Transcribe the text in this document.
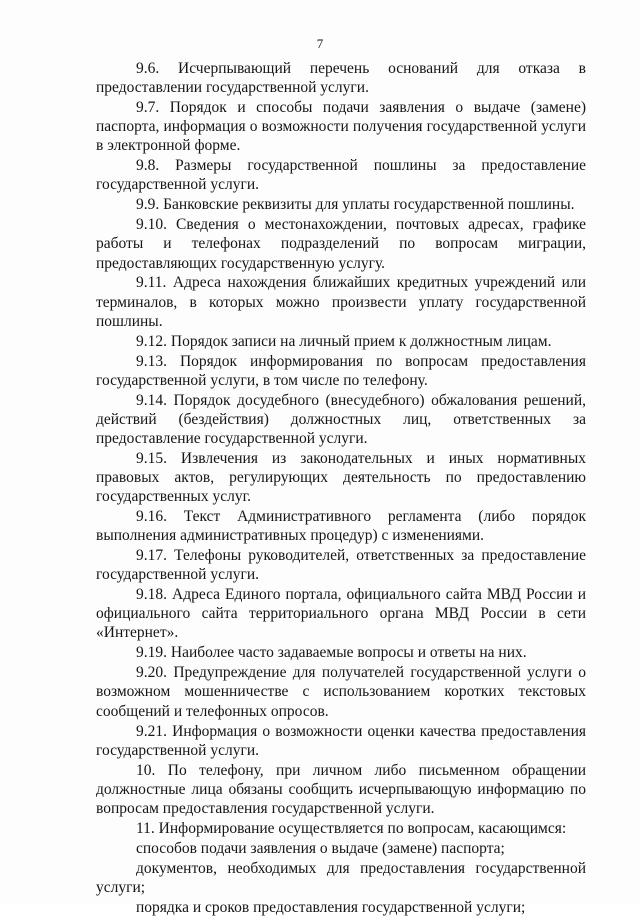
7

9.6. Исчерпывающий перечень оснований для отказа в предоставлении государственной услуги.

9.7. Порядок и способы подачи заявления о выдаче (замене) паспорта, информация о возможности получения государственной услуги в электронной форме.

9.8. Размеры государственной пошлины за предоставление государственной услуги.

9.9. Банковские реквизиты для уплаты государственной пошлины.

9.10. Сведения о местонахождении, почтовых адресах, графике работы и телефонах подразделений по вопросам миграции, предоставляющих государственную услугу.

9.11. Адреса нахождения ближайших кредитных учреждений или терминалов, в которых можно произвести уплату государственной пошлины.

9.12. Порядок записи на личный прием к должностным лицам.

9.13. Порядок информирования по вопросам предоставления государственной услуги, в том числе по телефону.

9.14. Порядок досудебного (внесудебного) обжалования решений, действий (бездействия) должностных лиц, ответственных за предоставление государственной услуги.

9.15. Извлечения из законодательных и иных нормативных правовых актов, регулирующих деятельность по предоставлению государственных услуг.

9.16. Текст Административного регламента (либо порядок выполнения административных процедур) с изменениями.

9.17. Телефоны руководителей, ответственных за предоставление государственной услуги.

9.18. Адреса Единого портала, официального сайта МВД России и официального сайта территориального органа МВД России в сети «Интернет».

9.19. Наиболее часто задаваемые вопросы и ответы на них.

9.20. Предупреждение для получателей государственной услуги о возможном мошенничестве с использованием коротких текстовых сообщений и телефонных опросов.

9.21. Информация о возможности оценки качества предоставления государственной услуги.

10. По телефону, при личном либо письменном обращении должностные лица обязаны сообщить исчерпывающую информацию по вопросам предоставления государственной услуги.

11. Информирование осуществляется по вопросам, касающимся:

способов подачи заявления о выдаче (замене) паспорта;

документов, необходимых для предоставления государственной услуги;

порядка и сроков предоставления государственной услуги;
